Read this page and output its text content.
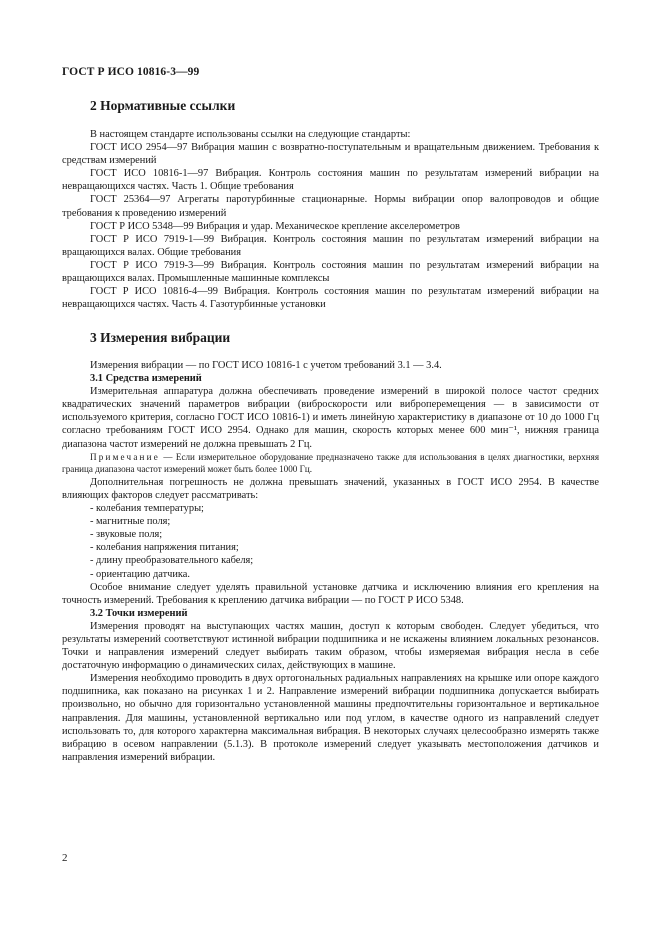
ГОСТ Р ИСО 10816-3—99
2 Нормативные ссылки

В настоящем стандарте использованы ссылки на следующие стандарты:

ГОСТ ИСО 2954—97 Вибрация машин с возвратно-поступательным и вращательным движением. Требования к средствам измерений

ГОСТ ИСО 10816-1—97 Вибрация. Контроль состояния машин по результатам измерений вибрации на невращающихся частях. Часть 1. Общие требования

ГОСТ 25364—97 Агрегаты паротурбинные стационарные. Нормы вибрации опор валопроводов и общие требования к проведению измерений

ГОСТ Р ИСО 5348—99 Вибрация и удар. Механическое крепление акселерометров

ГОСТ Р ИСО 7919-1—99 Вибрация. Контроль состояния машин по результатам измерений вибрации на вращающихся валах. Общие требования

ГОСТ Р ИСО 7919-3—99 Вибрация. Контроль состояния машин по результатам измерений вибрации на вращающихся валах. Промышленные машинные комплексы

ГОСТ Р ИСО 10816-4—99 Вибрация. Контроль состояния машин по результатам измерений вибрации на невращающихся частях. Часть 4. Газотурбинные установки

3 Измерения вибрации

Измерения вибрации — по ГОСТ ИСО 10816-1 с учетом требований 3.1 — 3.4.

3.1 Средства измерений

Измерительная аппаратура должна обеспечивать проведение измерений в широкой полосе частот средних квадратических значений параметров вибрации (виброскорости или виброперемещения — в зависимости от используемого критерия, согласно ГОСТ ИСО 10816-1) и иметь линейную характеристику в диапазоне от 10 до 1000 Гц согласно требованиям ГОСТ ИСО 2954. Однако для машин, скорость которых менее 600 мин⁻¹, нижняя граница диапазона частот измерений не должна превышать 2 Гц.

Примечание — Если измерительное оборудование предназначено также для использования в целях диагностики, верхняя граница диапазона частот измерений может быть более 1000 Гц.

Дополнительная погрешность не должна превышать значений, указанных в ГОСТ ИСО 2954. В качестве влияющих факторов следует рассматривать:

- колебания температуры;

- магнитные поля;

- звуковые поля;

- колебания напряжения питания;

- длину преобразовательного кабеля;

- ориентацию датчика.

Особое внимание следует уделять правильной установке датчика и исключению влияния его крепления на точность измерений. Требования к креплению датчика вибрации — по ГОСТ Р ИСО 5348.

3.2 Точки измерений

Измерения проводят на выступающих частях машин, доступ к которым свободен. Следует убедиться, что результаты измерений соответствуют истинной вибрации подшипника и не искажены влиянием локальных резонансов. Точки и направления измерений следует выбирать таким образом, чтобы измеряемая вибрация несла в себе достаточную информацию о динамических силах, действующих в машине.

Измерения необходимо проводить в двух ортогональных радиальных направлениях на крышке или опоре каждого подшипника, как показано на рисунках 1 и 2. Направление измерений вибрации подшипника допускается выбирать произвольно, но обычно для горизонтально установленной машины предпочтительны горизонтальное и вертикальное направления. Для машины, установленной вертикально или под углом, в качестве одного из направлений следует использовать то, для которого характерна максимальная вибрация. В некоторых случаях целесообразно измерять также вибрацию в осевом направлении (5.1.3). В протоколе измерений следует указывать местоположения датчиков и направления измерений вибрации.

2
